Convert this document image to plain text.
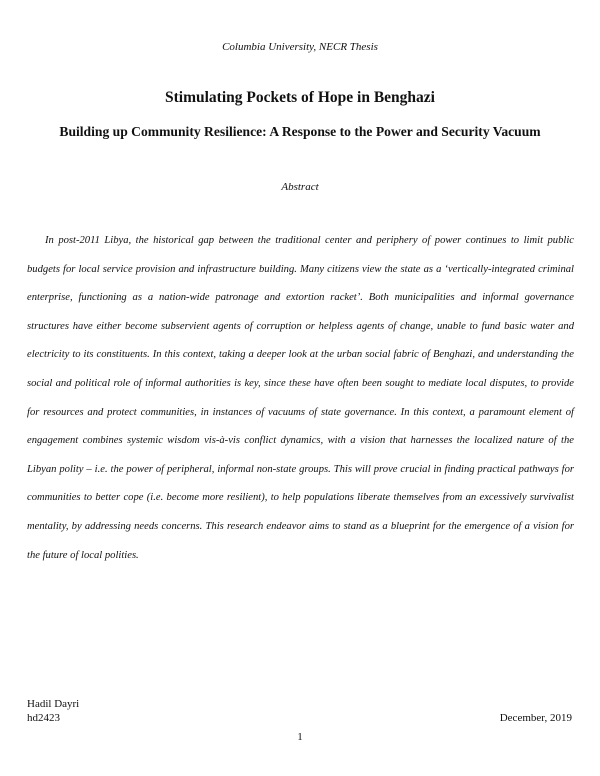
Columbia University, NECR Thesis
Stimulating Pockets of Hope in Benghazi
Building up Community Resilience: A Response to the Power and Security Vacuum
Abstract

In post-2011 Libya, the historical gap between the traditional center and periphery of power continues to limit public budgets for local service provision and infrastructure building. Many citizens view the state as a ‘vertically-integrated criminal enterprise, functioning as a nation-wide patronage and extortion racket’. Both municipalities and informal governance structures have either become subservient agents of corruption or helpless agents of change, unable to fund basic water and electricity to its constituents. In this context, taking a deeper look at the urban social fabric of Benghazi, and understanding the social and political role of informal authorities is key, since these have often been sought to mediate local disputes, to provide for resources and protect communities, in instances of vacuums of state governance. In this context, a paramount element of engagement combines systemic wisdom vis-à-vis conflict dynamics, with a vision that harnesses the localized nature of the Libyan polity – i.e. the power of peripheral, informal non-state groups. This will prove crucial in finding practical pathways for communities to better cope (i.e. become more resilient), to help populations liberate themselves from an excessively survivalist mentality, by addressing needs concerns. This research endeavor aims to stand as a blueprint for the emergence of a vision for the future of local polities.

Hadil Dayri
hd2423	December, 2019
1
